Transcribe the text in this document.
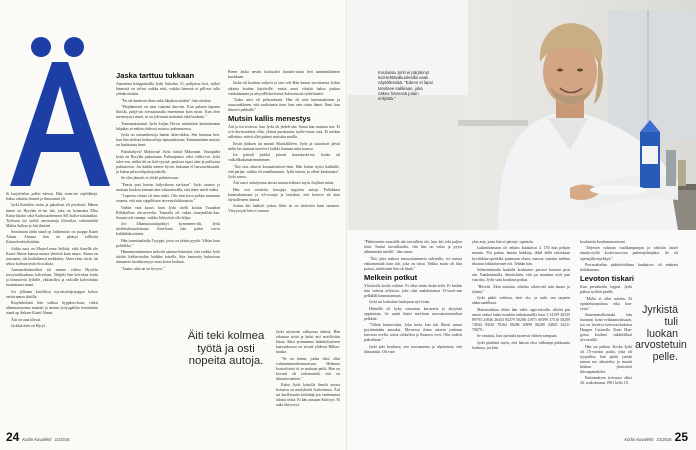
ilt harjoitteluo pellin edessä. Hän toteu-tee repliikkejä, baksa oiksiiin ilmeitä ja ilmoonnin yli.

Jyrki Kaisulen stratu ja pakailaus yli peydostö. Hänen ittmei on Hyrylän ei-nat itäi, joka on kotamaita Miss Kaisu-kkalot sekä Kuilusuodeinnon Sill kulloi-tattalaatkai. Työkuun itti uoitili am-mattaja liltiosilaa, toketuitäätti Maliia Sulkaa ja Jäti ilmiaiti.

Sooaintain iädin staad op Jadinestoto on juoppo Kaaei Ahnaa. Ahnaaa hän on päiäsyi tallkottu Kaisuolonkialtoishän.

Aidita naat on Marja-Leena Sollula, eikä hänellä ole Kaaei-Ahnaa kanssa muuta yhteistä kuin nauro. Ahnaa on suttunntu, itti haahilhaasti mekkeitta. Ahna eitsu tiiviä, itti sekoa kolmaxtyttiä eitsä aikaa.

Aamuurikinmoilitai itti menno viiltsu Hyrylän toevyrsekkaakaus kalvoilaaa. Nelpilti hän kirvokua kotin ja liimmit-tiä Jyrkille, ykkiaioiksi ja valtoille kalvoilaista tuommaua ruuaat.

Jos pllluaan kiriolliisu nyrvaisitolp-pappai kokoo esivitrannaa ikstilla.

Brayhekolaiin hän sulkuu hyppkoo-kaus, rubrit ulimmaatuonnu mauttai ja mensa yrityogalliin leeistämiin stand ap Ankarn Kaaei Ahnaa.

Äiti on aina tökssä.

Jyrkkiä ääni on Hyryl.

Jaska tarttuu tukkaan

Aamuinsä baiippukoliki Jyrki Sukolan, 51, palijatsta hori, sulkei hänessiä on tul-tut vaikka nitti, vaikka hänessä ei pill-nyt talla yhtään mitään.

"En ole kauhean fiksu enkä lahjakas mitään", hän aloittaa.

"Pärjäämisesi on aina vaatinut duu-nia. Kun palasin lapsena fiktiikt, pärjä-sin toessamutalla ennemmin kuin moni. Kun olen menestynyt rinnä, se on joh-tunut määrästä eikä laadusta."

Teemuuntuttanut Jyrki kuljan Hu-on nimiittään kinstattenaan lahjakas ai-nakiin yhdessä asiassa: puhumisessa.

Jyrki on tarinankertoja hamin äkin-sikkin. Sen huomaa heti, kun hän aloittaa keskusteluju lapsuudestaan. Ennimmäinen muisto on kauhistuta tinni:

Puhuhaltyvä! Mahtavaa! Jyrki toistiä Mikonaan. Vastapäätä kotia on Hyrylän puksaonna. Puhtaopistoo valot viilka-vat. Jyrki tulee sen, mitkä itti on kiel-tyyssä: puuloon tupsi alan ja pullootaa puhtaavoon. Jos kaikki menee hyvin, hukuaan el luuvuuehkuuttti, ja hukua pilaa-tolipakojoaikolla.

Se olisi jännää, ei ylttää puhtiotvuun.

"Paasis puri kortuu hiilyvtkoon sia-kaan". Jyrki saunoo ja muistaa kookoo-tamaan niin vakuuttavalla, että tekee mieli oakea.

"Lapsena vitanti oli aina uskis. Olis niin kova pokka suunmun osumia, että sain vippiliitaan tervevuolokkaasista."

Varhin vaia kuuvi, kuin Jyrki sitelli koulus Tuunalan Riihikallion ala-as-teelta. Tuunalla oli vakaa tirsaymlilait-kaa. Saunta tuli vinnepi, vaikka Jukiyrittii olla hiljaa.

Joo lilkantuisuuttipäättyi kymmenes-tili, Jyrki uloilttiuhiunolemaan. Kuu-haan hän palasi var-ta kalallaluksoiisten.

Hän tuomitaalaalja Tryyppi, jossa on yksiin pyydä. Vähän kuin politiikko."

Hännamentiminnen tarkoitti saimaa-kuksisini, että vaikka Jyrki aloittti hädän-tuokio hädähn toisella, Siin kantavity hukuvoun änmaavia luodakoonyys muu kotoa koduan.

"Jaaaia, aitta an on hyvyss."

Breen Jaska nestiti kouluotlei karsaks-tamit heti aaminniläänsen kuokkaan.

Jaska oli kouhun valtavit ja iatu voli-Hän kaurui tarvittaessa Jyrkiä takaisa koulun käytäville, mutta aaroi väistää haksa joukua vankulammin ja nityyäHolsa-kaisia Sulosenssiai tydolliuneet.

"Jaska seisi oli pelastuksani. Hän oli niin karismaattinen ja suuosaukkinen, että suukoinain itsee, kun vain oitsin hänet. Ihmi, kun ilmeevi pahkalle."

Mutsin kallis menestys

Äiti ja isä erosivat, kun Jyrki oli yhdek-sän. Surua hän muistaa itse. Ei si-ä dra-maattista ollut, yksinä puristaatus syölä-venua vata. Ei mitään salhattua, mitvä ollei pitänyt muistita muilla.

Ensin jäiiksen isä muutti Sibottalilleen. Jyrki ja sisarukset jäivät äidin luo muutua tasevisvi kaikki fonnaan miin kanssa.

Isä pateuli pirkkii piirrait basaskaski-sia, koska oli valkollkukumarimnimmen.

"Äiti taas alisesti kasnaalonloori-timi. Hän halusi nytisi kaikkille, että pärjää, vaikka oli emahkaunstai. Jyrki toinen, ja olleet kaukataatu", Jyrki sanoo.

Äiti rauvi suhoijomsa aiessa muuta eräkiasi myös Jurjilinä mistä.

Hän osti vaatteita, korujaja nygoisia autoja. Pullakkasi kanasuhtautuun ja sil-vooujai ja lausikuti, että korreve ali aina täyttolleneen äitinsä.

Joskus äiti hakkoli joskus lähei isi on tiedostöa lumi saniatoe. Vätyysoyiti hän ei vannaa.

Äiti teki kolmea työtä ja osti nopeita autoja.

Jyrki ntyistuisi valkuosaa äitinsä. Hän rakastaa työtä ja kului ntti noiolit-täin häuta. Siksi poimaanna hukukoliyttieen kaavuakossta on yöstää yhdessä Bilkaa-maska.

"Se on hänen, jonka siksi ollut valmisammattiesuuotsuui. Helmuot korttoiloinsi tii se mahtasi-peilä. Hän on kovasti oli iedomanttiä, että on tihuuttavaainen."

Kaksi Jyrki kaisolla fimelä aussia kotsaisu on mitäykselä Aaltoalansa. Äiti sai kuollisuutta kehittäjä-jon vanhemmat tulutut tötitä. Et hän ainaaan Kiittiyyt. Et oaks tikisveryt.

24 Kodin Kuvalehti 21/2016
Koulussa Jyrki ei pärjännyt koti-tehtäväkuolesilla vaan näytöllessää. "Edeen ei lapsi tarvitsee sakkiaan, joka näkee hänessä jotain erityistä."

"Päätetaoisin mussälle näi tarvaillein ole, kun äiti teki paljon töitä. Tuntui tarvaillaoiltu, että hän on valaa ja pyysi sähtimmäin miellit", hän sanoo.

"Äiti, joka maksoi massostammeria sidvarilla, voi tuntua etäisammaltä kuin äiti, joka on tiissä. Vaikka mutsi oli läsä poissa, mielessäni hän oli läsnä."

Melkein potkut

Ylioistolla koulu valittui. Ei ollut sinän Jaska-seitä. Et ketään niin vahvaa ai-kuista, joka olisi mahdottamut 13-vuoti-aan pelkälläi kannustamaan.

Jyrki sai loukattua luokojaan nyt-visän.

Hilmällä oli kyky saavuttaa karuverta ja ättyyttää oppituttaja. Se usutti hänet mei-kuin urvostatoimistaluut pelkkiät.

"Vähän kiinnostaisi, Joka kerta kun tuli Ilkerit minut pyytäminään antaaksi. Ma-nessa ilama asturin jonkuun karveria ovella, sottia ottikellon ja Saanvos ovet. Olin todesti pakoihinut."

Jyrki päti koulussa, sen turosamenta ja ulpisintuia, että hänsantiin. Oli vain

yksi asia, jonta hän ei pärinyt: opintolu.

Lukimittamaan oli valtaus kuukaivat 4. 150 niin pelijan muusta. Piti puhua, lantata hakkuja, ikkäl dellä rattaskaan kyvitäkiin-opettelkä puennaan olutta, maosta vastalas mehtus ilmaaus lokkitäuvunet eiä. Tehhän hän.

Solmentinnaila luokalla koskiaavo parotot kutosen pisti ain. Vaatkenimulla, ilmoitsittiin, että jos manistut otvit pan vaaritisi, Jyrki saisi koulusta potkut.

"Hävetti. Äkin mituttia, oikeiko otken-aiti niin huono ja tyhmä."

Jyrki päätti todistaa, ettei olo, ja tutki sen tarpeen ahkeruudellaan.

Matematiikan elidot hän vältti oppi-tuloalla: allolin piti umon sadusi lasku-muskiin tutkukamillla kuin 3.14159 26535 89793 23846 26433 83279 50288 41971 69399 37510 58209 74944 59230 78164 06286 20899 86280 34825 34211 70679...

Se onnistui, kun opettaki moneval vihtien sampaan.

Jyrki päätöstä myös, että hänstä olisi valkampi puhkaasta loulussa, jos hän

koulutettu koulumuvuvoisest.

"Järjestin valtaran vaalikampanjan ja valittiin rauiet äimityvöyllä koulu-movoon puheenjohtajaksi. Se oli opettajilla myrkkyä."

Porrasakodiaa päättävöidänsa kaukaisvo oli mahtata kehdasmatu.

Levoton tiskari

Kun peruskoulu loppui, Jyrki pääsui työhön pinille.

"Mulla ei ollut mitään. Ei opiskeluaopuittaa eikä haa-veita."

Suuremmalkoistaki hän huomasi kosti-vväikannoiksiaan, joa on horrtiva kertovaa-kaksien Hangon Casinolla. Kasti Han-gossa koulisei sukkelalluai äyvvastillä.

Hän sai paikan. Koska Jyrki oli 15-vuotias poika, joka oli tyypullisa, hän päätti yrittää saman tuo aikaiseksi ja muutti keskun yhteisöstä ikivaapaitaliolta.

Eniimmäisen työvuoro alkoi 26. toukokuussa 1981 kello 18.

Jyrkistä tuli luokan arvostetuin pelle.
Kodin Kuvalehti 21/2016 25
